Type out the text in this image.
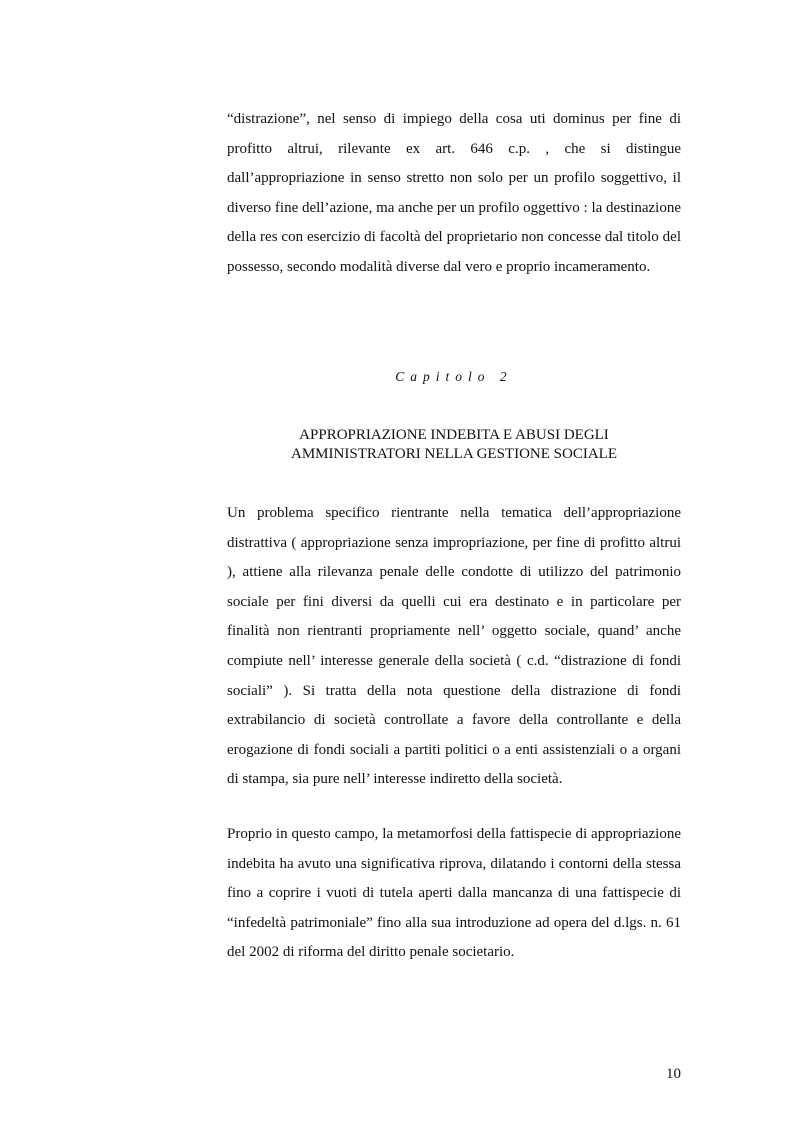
“distrazione”, nel senso di impiego della cosa uti dominus per fine di profitto altrui, rilevante ex art. 646 c.p. , che si distingue dall’appropriazione in senso stretto non solo per un profilo soggettivo, il diverso fine dell’azione, ma anche per un profilo oggettivo : la destinazione della res con esercizio di facoltà del proprietario non concesse dal titolo del possesso, secondo modalità diverse dal vero e proprio incameramento.

Capitolo 2

APPROPRIAZIONE INDEBITA E ABUSI DEGLI
AMMINISTRATORI NELLA GESTIONE SOCIALE

Un problema specifico rientrante nella tematica dell’appropriazione distrattiva ( appropriazione senza impropriazione, per fine di profitto altrui ), attiene alla rilevanza penale delle condotte di utilizzo del patrimonio sociale per fini diversi da quelli cui era destinato e in particolare per finalità non rientranti propriamente nell’ oggetto sociale, quand’ anche compiute nell’ interesse generale della società ( c.d. “distrazione di fondi sociali” ). Si tratta della nota questione della distrazione di fondi extrabilancio di società controllate a favore della controllante e della erogazione di fondi sociali a partiti politici o a enti assistenziali o a organi di stampa, sia pure nell’ interesse indiretto della società.

Proprio in questo campo, la metamorfosi della fattispecie di appropriazione indebita ha avuto una significativa riprova, dilatando i contorni della stessa fino a coprire i vuoti di tutela aperti dalla mancanza di una fattispecie di “infedeltà patrimoniale” fino alla sua introduzione ad opera del d.lgs. n. 61 del 2002 di riforma del diritto penale societario.

10
